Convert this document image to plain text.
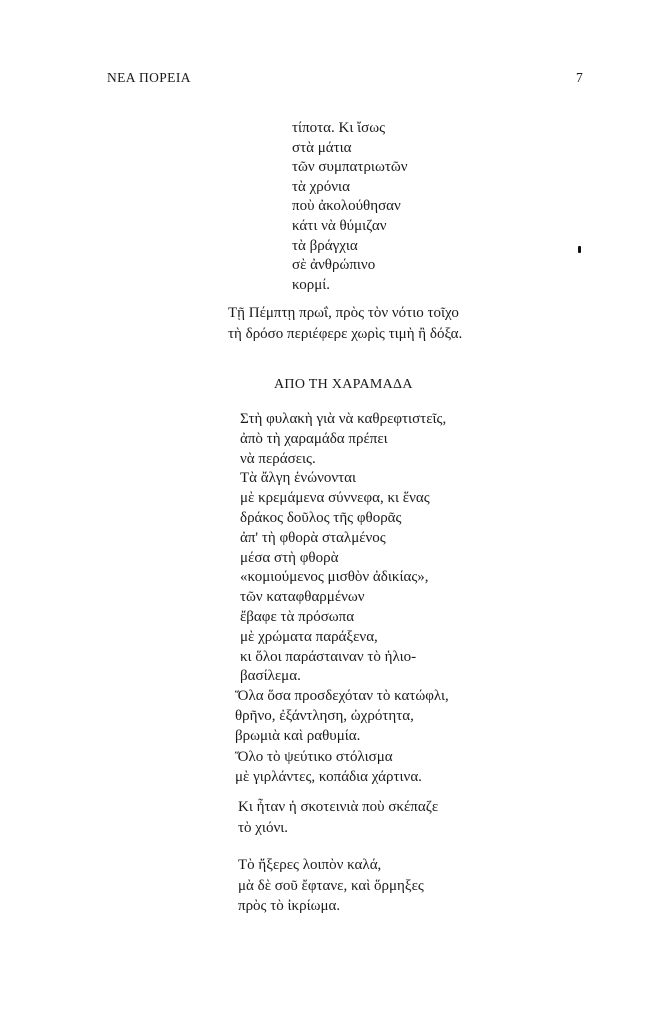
ΝΕΑ ΠΟΡΕΙΑ	7
τίποτα. Κι ἴσως
στὰ μάτια
τῶν συμπατριωτῶν
τὰ χρόνια
ποὺ ἀκολούθησαν
κάτι νὰ θύμιζαν
τὰ βράγχια
σὲ ἀνθρώπινο
κορμί.
Τῇ Πέμπτῃ πρωΐ, πρὸς τὸν νότιο τοῖχο
τὴ δρόσο περιέφερε χωρὶς τιμὴ ἢ δόξα.
ΑΠΟ ΤΗ ΧΑΡΑΜΑΔΑ
Στὴ φυλακὴ γιὰ νὰ καθρεφτιστεῖς,
ἀπὸ τὴ χαραμάδα πρέπει
νὰ περάσεις.
Τὰ ἄλγη ἑνώνονται
μὲ κρεμάμενα σύννεφα, κι ἕνας
δράκος δοῦλος τῆς φθορᾶς
ἀπ' τὴ φθορὰ σταλμένος
μέσα στὴ φθορὰ
«κομιούμενος μισθὸν ἀδικίας»,
τῶν καταφθαρμένων
ἔβαφε τὰ πρόσωπα
μὲ χρώματα παράξενα,
κι ὅλοι παράσταιναν τὸ ἡλιο-
βασίλεμα.
Ὅλα ὅσα προσδεχόταν τὸ κατώφλι,
θρῆνο, ἐξάντληση, ὠχρότητα,
βρωμιὰ καὶ ραθυμία.
Ὅλο τὸ ψεύτικο στόλισμα
μὲ γιρλάντες, κοπάδια χάρτινα.
Κι ἦταν ἡ σκοτεινιὰ ποὺ σκέπαζε
τὸ χιόνι.
Τὸ ἤξερες λοιπὸν καλά,
μὰ δὲ σοῦ ἔφτανε, καὶ ὅρμηξες
πρὸς τὸ ἰκρίωμα.
